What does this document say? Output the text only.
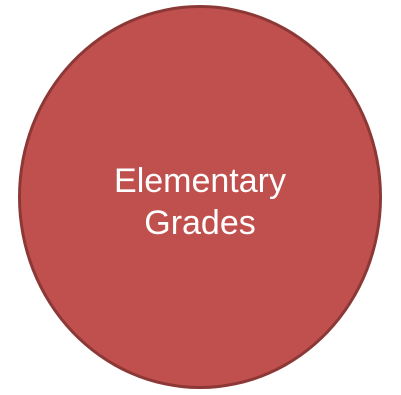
Elementary
Grades
